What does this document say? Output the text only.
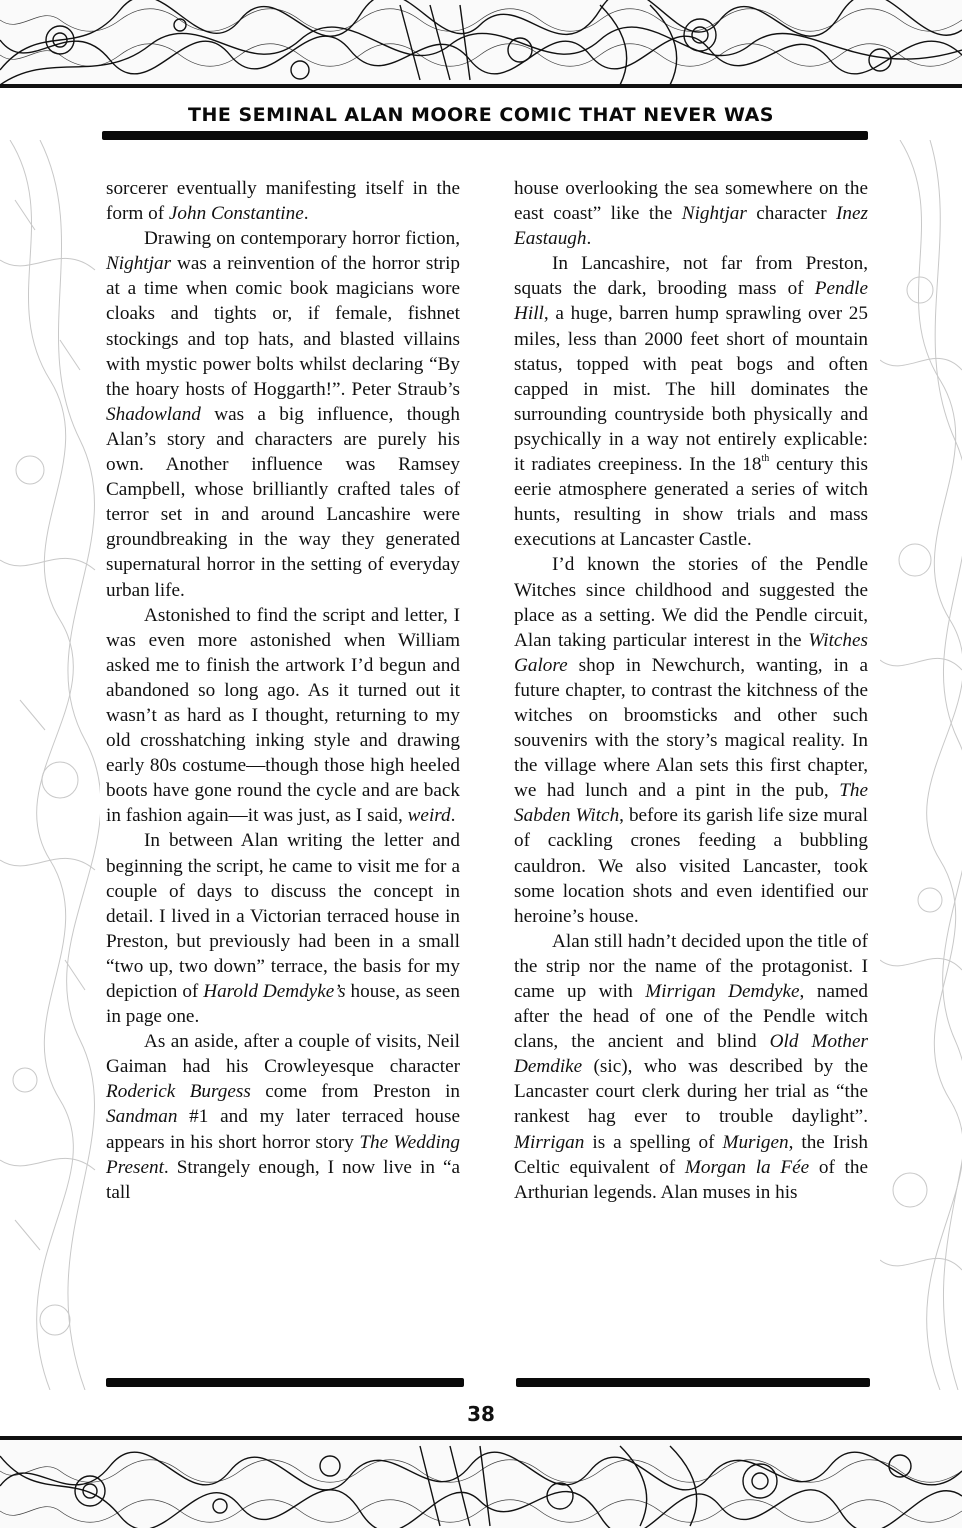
THE SEMINAL ALAN MOORE COMIC THAT NEVER WAS

sorcerer eventually manifesting itself in the form of John Constantine.

Drawing on contemporary horror fiction, Nightjar was a reinvention of the horror strip at a time when comic book magicians wore cloaks and tights or, if female, fishnet stockings and top hats, and blasted villains with mystic power bolts whilst declaring “By the hoary hosts of Hoggarth!”. Peter Straub’s Shadowland was a big influence, though Alan’s story and characters are purely his own. Another influence was Ramsey Campbell, whose brilliantly crafted tales of terror set in and around Lancashire were groundbreaking in the way they generated supernatural horror in the setting of everyday urban life.

Astonished to find the script and letter, I was even more astonished when William asked me to finish the artwork I’d begun and abandoned so long ago. As it turned out it wasn’t as hard as I thought, returning to my old crosshatching inking style and drawing early 80s costume—though those high heeled boots have gone round the cycle and are back in fashion again—it was just, as I said, weird.

In between Alan writing the letter and beginning the script, he came to visit me for a couple of days to discuss the concept in detail. I lived in a Victorian terraced house in Preston, but previously had been in a small “two up, two down” terrace, the basis for my depiction of Harold Demdyke’s house, as seen in page one.

As an aside, after a couple of visits, Neil Gaiman had his Crowleyesque character Roderick Burgess come from Preston in Sandman #1 and my later terraced house appears in his short horror story The Wedding Present. Strangely enough, I now live in “a tall

house overlooking the sea somewhere on the east coast” like the Nightjar character Inez Eastaugh.

In Lancashire, not far from Preston, squats the dark, brooding mass of Pendle Hill, a huge, barren hump sprawling over 25 miles, less than 2000 feet short of mountain status, topped with peat bogs and often capped in mist. The hill dominates the surrounding countryside both physically and psychically in a way not entirely explicable: it radiates creepiness. In the 18th century this eerie atmosphere generated a series of witch hunts, resulting in show trials and mass executions at Lancaster Castle.

I’d known the stories of the Pendle Witches since childhood and suggested the place as a setting. We did the Pendle circuit, Alan taking particular interest in the Witches Galore shop in Newchurch, wanting, in a future chapter, to contrast the kitchness of the witches on broomsticks and other such souvenirs with the story’s magical reality. In the village where Alan sets this first chapter, we had lunch and a pint in the pub, The Sabden Witch, before its garish life size mural of cackling crones feeding a bubbling cauldron. We also visited Lancaster, took some location shots and even identified our heroine’s house.

Alan still hadn’t decided upon the title of the strip nor the name of the protagonist. I came up with Mirrigan Demdyke, named after the head of one of the Pendle witch clans, the ancient and blind Old Mother Demdike (sic), who was described by the Lancaster court clerk during her trial as “the rankest hag ever to trouble daylight”. Mirrigan is a spelling of Murigen, the Irish Celtic equivalent of Morgan la Fée of the Arthurian legends. Alan muses in his

38
